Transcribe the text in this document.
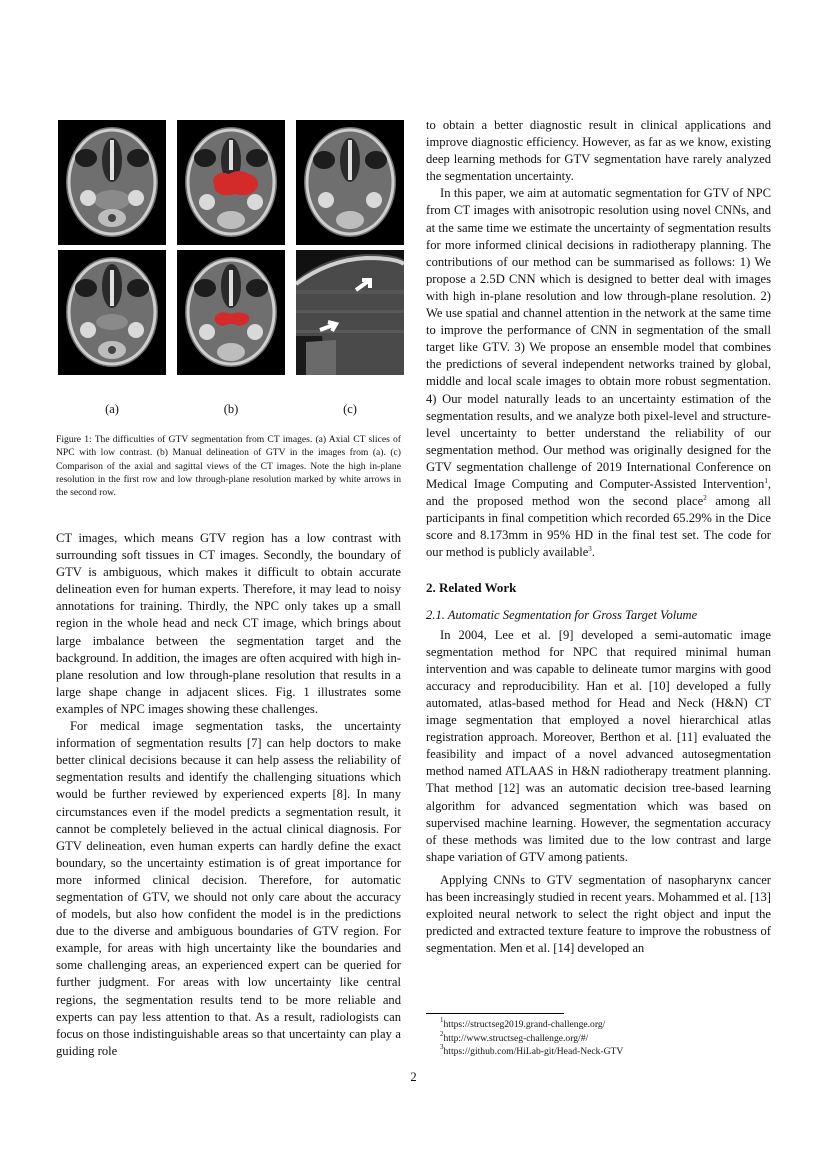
(a)	(b)	(c)
Figure 1: The difficulties of GTV segmentation from CT images. (a) Axial CT slices of NPC with low contrast. (b) Manual delineation of GTV in the images from (a). (c) Comparison of the axial and sagittal views of the CT images. Note the high in-plane resolution in the first row and low through-plane resolution marked by white arrows in the second row.

CT images, which means GTV region has a low contrast with surrounding soft tissues in CT images. Secondly, the boundary of GTV is ambiguous, which makes it difficult to obtain accurate delineation even for human experts. Therefore, it may lead to noisy annotations for training. Thirdly, the NPC only takes up a small region in the whole head and neck CT image, which brings about large imbalance between the segmentation target and the background. In addition, the images are often acquired with high in-plane resolution and low through-plane resolution that results in a large shape change in adjacent slices. Fig. 1 illustrates some examples of NPC images showing these challenges.

For medical image segmentation tasks, the uncertainty information of segmentation results [7] can help doctors to make better clinical decisions because it can help assess the reliability of segmentation results and identify the challenging situations which would be further reviewed by experienced experts [8]. In many circumstances even if the model predicts a segmentation result, it cannot be completely believed in the actual clinical diagnosis. For GTV delineation, even human experts can hardly define the exact boundary, so the uncertainty estimation is of great importance for more informed clinical decision. Therefore, for automatic segmentation of GTV, we should not only care about the accuracy of models, but also how confident the model is in the predictions due to the diverse and ambiguous boundaries of GTV region. For example, for areas with high uncertainty like the boundaries and some challenging areas, an experienced expert can be queried for further judgment. For areas with low uncertainty like central regions, the segmentation results tend to be more reliable and experts can pay less attention to that. As a result, radiologists can focus on those indistinguishable areas so that uncertainty can play a guiding role

to obtain a better diagnostic result in clinical applications and improve diagnostic efficiency. However, as far as we know, existing deep learning methods for GTV segmentation have rarely analyzed the segmentation uncertainty.

In this paper, we aim at automatic segmentation for GTV of NPC from CT images with anisotropic resolution using novel CNNs, and at the same time we estimate the uncertainty of segmentation results for more informed clinical decisions in radiotherapy planning. The contributions of our method can be summarised as follows: 1) We propose a 2.5D CNN which is designed to better deal with images with high in-plane resolution and low through-plane resolution. 2) We use spatial and channel attention in the network at the same time to improve the performance of CNN in segmentation of the small target like GTV. 3) We propose an ensemble model that combines the predictions of several independent networks trained by global, middle and local scale images to obtain more robust segmentation. 4) Our model naturally leads to an uncertainty estimation of the segmentation results, and we analyze both pixel-level and structure-level uncertainty to better understand the reliability of our segmentation method. Our method was originally designed for the GTV segmentation challenge of 2019 International Conference on Medical Image Computing and Computer-Assisted Intervention$^1$, and the proposed method won the second place$^2$ among all participants in final competition which recorded 65.29% in the Dice score and 8.173mm in 95% HD in the final test set. The code for our method is publicly available$^3$.

2. Related Work
2.1. Automatic Segmentation for Gross Target Volume

In 2004, Lee et al. [9] developed a semi-automatic image segmentation method for NPC that required minimal human intervention and was capable to delineate tumor margins with good accuracy and reproducibility. Han et al. [10] developed a fully automated, atlas-based method for Head and Neck (H&N) CT image segmentation that employed a novel hierarchical atlas registration approach. Moreover, Berthon et al. [11] evaluated the feasibility and impact of a novel advanced autosegmentation method named ATLAAS in H&N radiotherapy treatment planning. That method [12] was an automatic decision tree-based learning algorithm for advanced segmentation which was based on supervised machine learning. However, the segmentation accuracy of these methods was limited due to the low contrast and large shape variation of GTV among patients.

Applying CNNs to GTV segmentation of nasopharynx cancer has been increasingly studied in recent years. Mohammed et al. [13] exploited neural network to select the right object and input the predicted and extracted texture feature to improve the robustness of segmentation. Men et al. [14] developed an

$^1$https://structseg2019.grand-challenge.org/
$^2$http://www.structseg-challenge.org/#/
$^3$https://github.com/HiLab-git/Head-Neck-GTV
2
